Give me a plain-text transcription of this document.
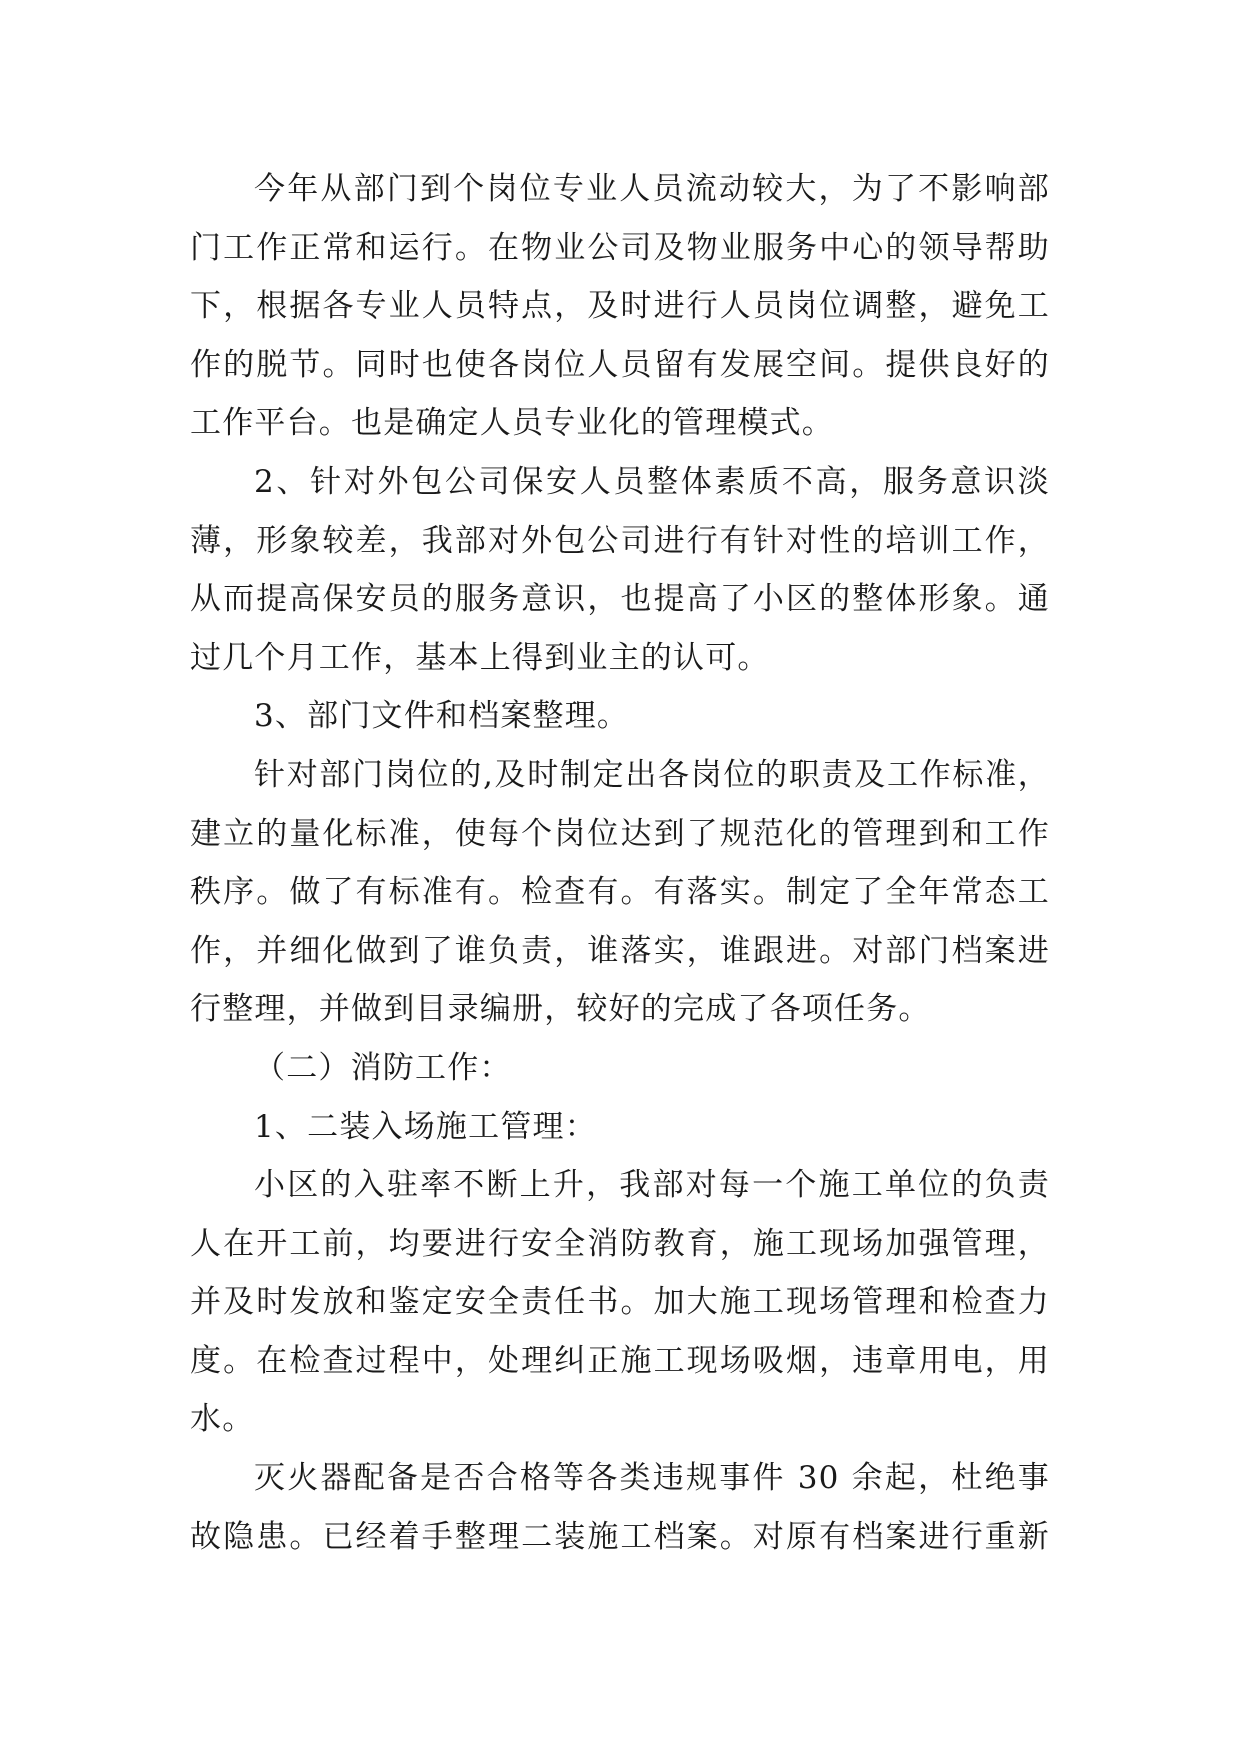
今年从部门到个岗位专业人员流动较大，为了不影响部
门工作正常和运行。在物业公司及物业服务中心的领导帮助
下，根据各专业人员特点，及时进行人员岗位调整，避免工
作的脱节。同时也使各岗位人员留有发展空间。提供良好的
工作平台。也是确定人员专业化的管理模式。
2、针对外包公司保安人员整体素质不高，服务意识淡
薄，形象较差，我部对外包公司进行有针对性的培训工作，
从而提高保安员的服务意识，也提高了小区的整体形象。通
过几个月工作，基本上得到业主的认可。
3、部门文件和档案整理。
针对部门岗位的,及时制定出各岗位的职责及工作标准，
建立的量化标准，使每个岗位达到了规范化的管理到和工作
秩序。做了有标准有。检查有。有落实。制定了全年常态工
作，并细化做到了谁负责，谁落实，谁跟进。对部门档案进
行整理，并做到目录编册，较好的完成了各项任务。
（二）消防工作：
1、二装入场施工管理：
小区的入驻率不断上升，我部对每一个施工单位的负责
人在开工前，均要进行安全消防教育，施工现场加强管理，
并及时发放和鉴定安全责任书。加大施工现场管理和检查力
度。在检查过程中，处理纠正施工现场吸烟，违章用电，用
水。
灭火器配备是否合格等各类违规事件 30 余起，杜绝事
故隐患。已经着手整理二装施工档案。对原有档案进行重新
